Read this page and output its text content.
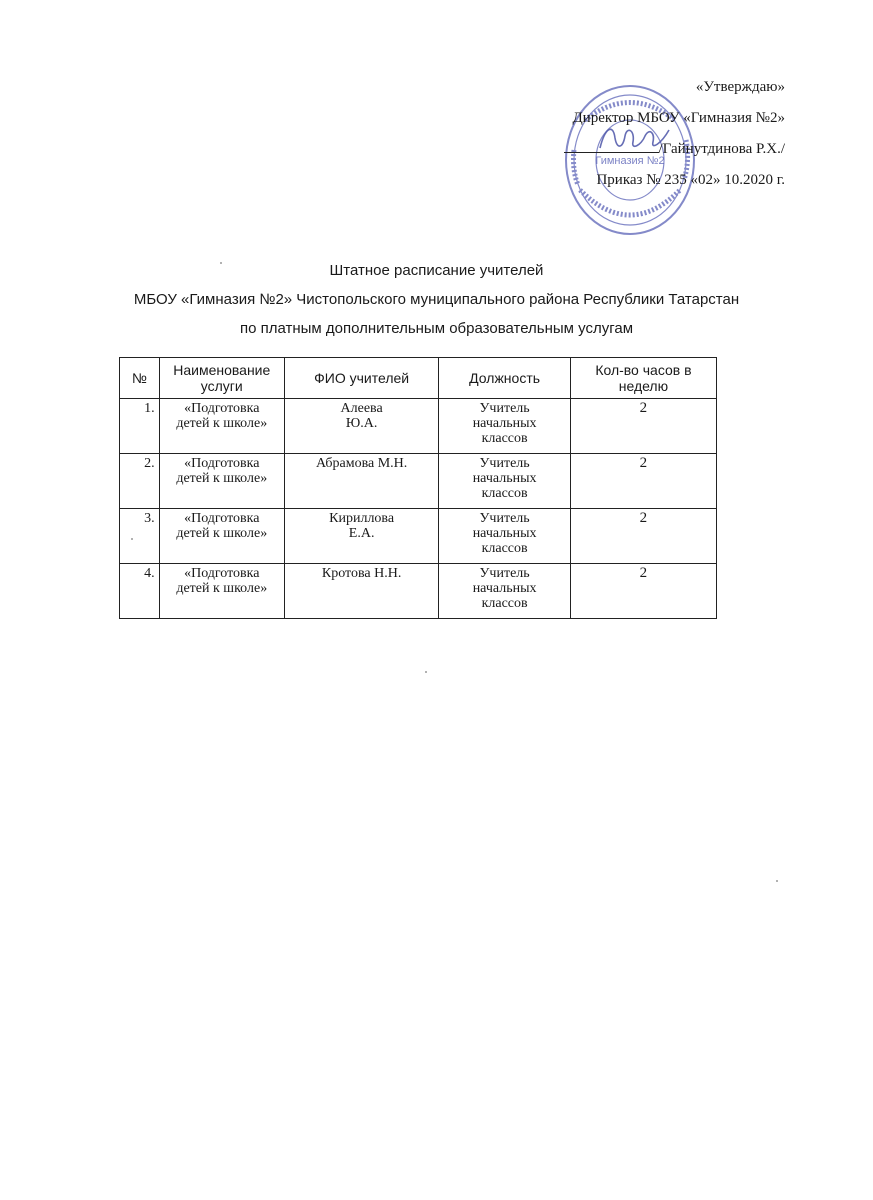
Гимназия №2
«Утверждаю»
Директор МБОУ «Гимназия №2»
/Гайнутдинова Р.Х./
Приказ № 235 «02» 10.2020 г.
Штатное расписание учителей
МБОУ «Гимназия №2» Чистопольского муниципального района Республики Татарстан
по платным дополнительным образовательным услугам
№	Наименование услуги	ФИО учителей	Должность	Кол-во часов в неделю
1.	«Подготовка
детей к школе»	Алеева
Ю.А.	Учитель
начальных
классов	2
2.	«Подготовка
детей к школе»	Абрамова М.Н.	Учитель
начальных
классов	2
3.	«Подготовка
детей к школе»	Кириллова
Е.А.	Учитель
начальных
классов	2
4.	«Подготовка
детей к школе»	Кротова Н.Н.	Учитель
начальных
классов	2
